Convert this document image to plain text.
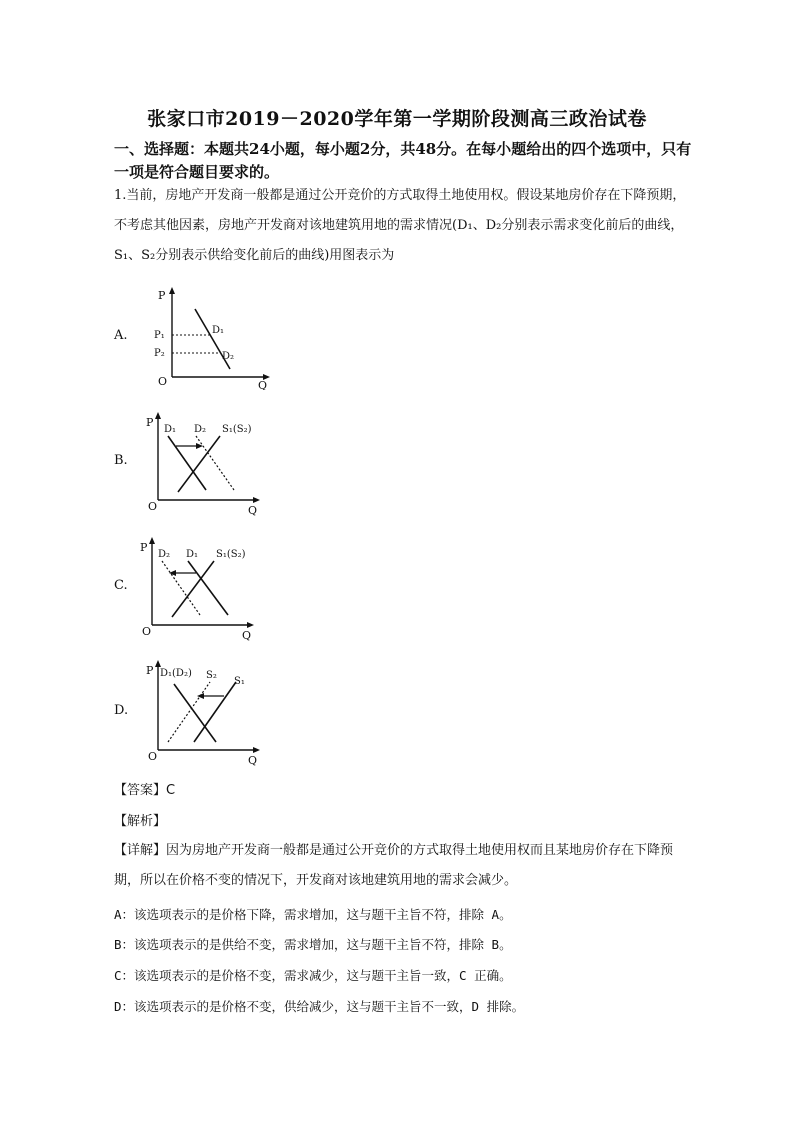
张家口市2019－2020学年第一学期阶段测高三政治试卷
一、选择题：本题共24小题，每小题2分，共48分。在每小题给出的四个选项中，只有一项是符合题目要求的。
1.当前，房地产开发商一般都是通过公开竞价的方式取得土地使用权。假设某地房价存在下降预期，不考虑其他因素，房地产开发商对该地建筑用地的需求情况(D₁、D₂分别表示需求变化前后的曲线，S₁、S₂分别表示供给变化前后的曲线)用图表示为
A.
P
P₁
P₂
D₁
D₂
O	Q
B.
P
D₁ D₂ S₁(S₂)
O	Q
C.
P
D₂ D₁ S₁(S₂)
O	Q
D.
P D₁(D₂) S₂
S₁
O	Q
【答案】C
【解析】
【详解】因为房地产开发商一般都是通过公开竞价的方式取得土地使用权而且某地房价存在下降预期，所以在价格不变的情况下，开发商对该地建筑用地的需求会减少。
A：该选项表示的是价格下降，需求增加，这与题干主旨不符，排除 A。
B：该选项表示的是供给不变，需求增加，这与题干主旨不符，排除 B。
C：该选项表示的是价格不变，需求减少，这与题干主旨一致，C 正确。
D：该选项表示的是价格不变，供给减少，这与题干主旨不一致，D 排除。
